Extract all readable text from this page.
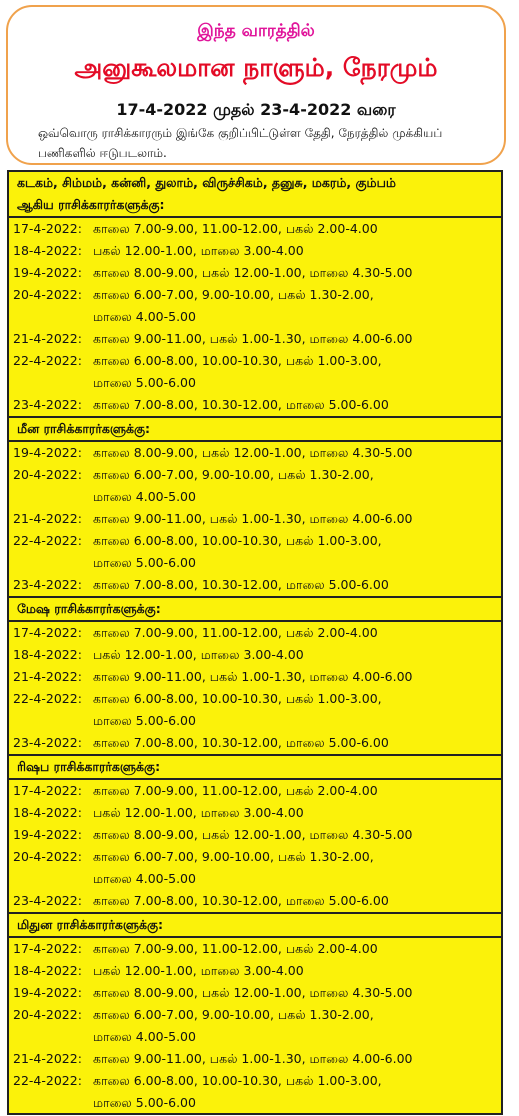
இந்த வாரத்தில்
அனுகூலமான நாளும், நேரமும்
17-4-2022 முதல் 23-4-2022 வரை
ஒவ்வொரு ராசிக்காரரும் இங்கே குறிப்பிட்டுள்ள தேதி, நேரத்தில் முக்கியப் பணிகளில் ஈடுபடலாம்.
கடகம், சிம்மம், கன்னி, துலாம், விருச்சிகம், தனுசு, மகரம், கும்பம்
ஆகிய ராசிக்காரர்களுக்கு:
17-4-2022: காலை 7.00-9.00, 11.00-12.00, பகல் 2.00-4.00
18-4-2022: பகல் 12.00-1.00, மாலை 3.00-4.00
19-4-2022: காலை 8.00-9.00, பகல் 12.00-1.00, மாலை 4.30-5.00
20-4-2022: காலை 6.00-7.00, 9.00-10.00, பகல் 1.30-2.00,
மாலை 4.00-5.00
21-4-2022: காலை 9.00-11.00, பகல் 1.00-1.30, மாலை 4.00-6.00
22-4-2022: காலை 6.00-8.00, 10.00-10.30, பகல் 1.00-3.00,
மாலை 5.00-6.00
23-4-2022: காலை 7.00-8.00, 10.30-12.00, மாலை 5.00-6.00
மீன ராசிக்காரர்களுக்கு:
19-4-2022: காலை 8.00-9.00, பகல் 12.00-1.00, மாலை 4.30-5.00
20-4-2022: காலை 6.00-7.00, 9.00-10.00, பகல் 1.30-2.00,
மாலை 4.00-5.00
21-4-2022: காலை 9.00-11.00, பகல் 1.00-1.30, மாலை 4.00-6.00
22-4-2022: காலை 6.00-8.00, 10.00-10.30, பகல் 1.00-3.00,
மாலை 5.00-6.00
23-4-2022: காலை 7.00-8.00, 10.30-12.00, மாலை 5.00-6.00
மேஷ ராசிக்காரர்களுக்கு:
17-4-2022: காலை 7.00-9.00, 11.00-12.00, பகல் 2.00-4.00
18-4-2022: பகல் 12.00-1.00, மாலை 3.00-4.00
21-4-2022: காலை 9.00-11.00, பகல் 1.00-1.30, மாலை 4.00-6.00
22-4-2022: காலை 6.00-8.00, 10.00-10.30, பகல் 1.00-3.00,
மாலை 5.00-6.00
23-4-2022: காலை 7.00-8.00, 10.30-12.00, மாலை 5.00-6.00
ரிஷப ராசிக்காரர்களுக்கு:
17-4-2022: காலை 7.00-9.00, 11.00-12.00, பகல் 2.00-4.00
18-4-2022: பகல் 12.00-1.00, மாலை 3.00-4.00
19-4-2022: காலை 8.00-9.00, பகல் 12.00-1.00, மாலை 4.30-5.00
20-4-2022: காலை 6.00-7.00, 9.00-10.00, பகல் 1.30-2.00,
மாலை 4.00-5.00
23-4-2022: காலை 7.00-8.00, 10.30-12.00, மாலை 5.00-6.00
மிதுன ராசிக்காரர்களுக்கு:
17-4-2022: காலை 7.00-9.00, 11.00-12.00, பகல் 2.00-4.00
18-4-2022: பகல் 12.00-1.00, மாலை 3.00-4.00
19-4-2022: காலை 8.00-9.00, பகல் 12.00-1.00, மாலை 4.30-5.00
20-4-2022: காலை 6.00-7.00, 9.00-10.00, பகல் 1.30-2.00,
மாலை 4.00-5.00
21-4-2022: காலை 9.00-11.00, பகல் 1.00-1.30, மாலை 4.00-6.00
22-4-2022: காலை 6.00-8.00, 10.00-10.30, பகல் 1.00-3.00,
மாலை 5.00-6.00
